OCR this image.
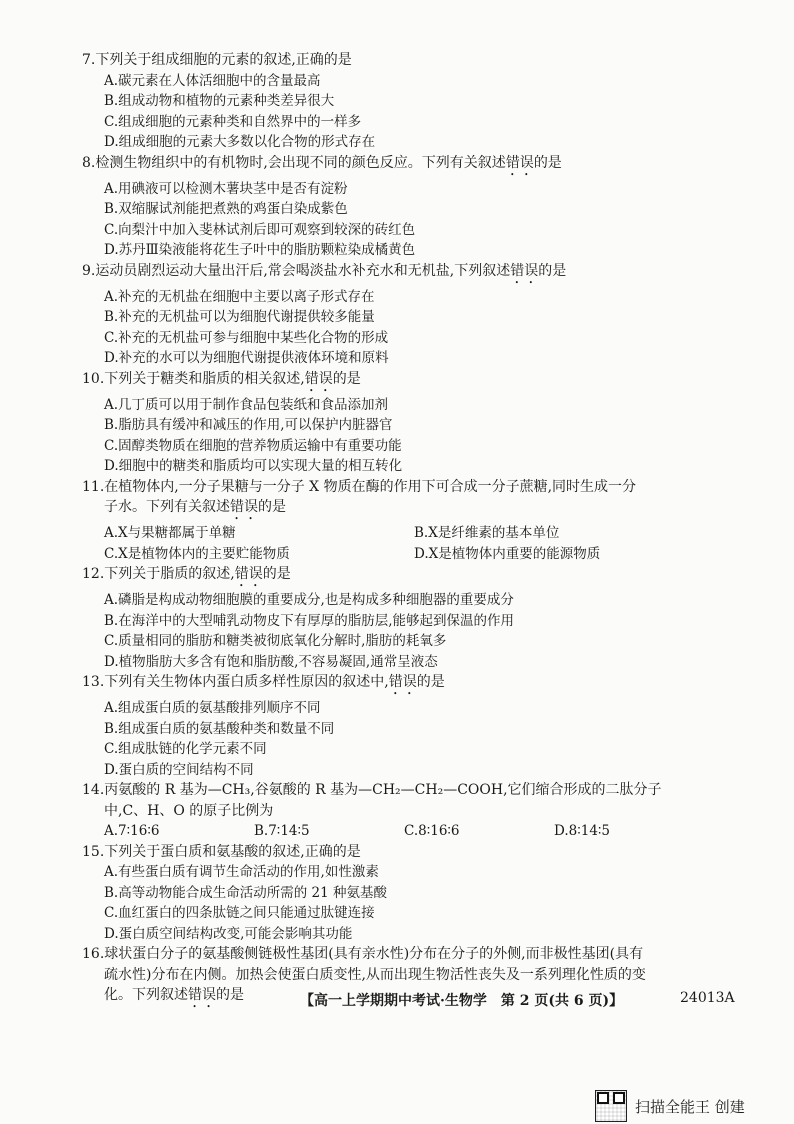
7.下列关于组成细胞的元素的叙述,正确的是
A.碳元素在人体活细胞中的含量最高
B.组成动物和植物的元素种类差异很大
C.组成细胞的元素种类和自然界中的一样多
D.组成细胞的元素大多数以化合物的形式存在
8.检测生物组织中的有机物时,会出现不同的颜色反应。下列有关叙述错误的是
A.用碘液可以检测木薯块茎中是否有淀粉
B.双缩脲试剂能把煮熟的鸡蛋白染成紫色
C.向梨汁中加入斐林试剂后即可观察到较深的砖红色
D.苏丹Ⅲ染液能将花生子叶中的脂肪颗粒染成橘黄色
9.运动员剧烈运动大量出汗后,常会喝淡盐水补充水和无机盐,下列叙述错误的是
A.补充的无机盐在细胞中主要以离子形式存在
B.补充的无机盐可以为细胞代谢提供较多能量
C.补充的无机盐可参与细胞中某些化合物的形成
D.补充的水可以为细胞代谢提供液体环境和原料
10.下列关于糖类和脂质的相关叙述,错误的是
A.几丁质可以用于制作食品包装纸和食品添加剂
B.脂肪具有缓冲和减压的作用,可以保护内脏器官
C.固醇类物质在细胞的营养物质运输中有重要功能
D.细胞中的糖类和脂质均可以实现大量的相互转化
11.在植物体内,一分子果糖与一分子 X 物质在酶的作用下可合成一分子蔗糖,同时生成一分
子水。下列有关叙述错误的是
A.X与果糖都属于单糖	B.X是纤维素的基本单位
C.X是植物体内的主要贮能物质	D.X是植物体内重要的能源物质
12.下列关于脂质的叙述,错误的是
A.磷脂是构成动物细胞膜的重要成分,也是构成多种细胞器的重要成分
B.在海洋中的大型哺乳动物皮下有厚厚的脂肪层,能够起到保温的作用
C.质量相同的脂肪和糖类被彻底氧化分解时,脂肪的耗氧多
D.植物脂肪大多含有饱和脂肪酸,不容易凝固,通常呈液态
13.下列有关生物体内蛋白质多样性原因的叙述中,错误的是
A.组成蛋白质的氨基酸排列顺序不同
B.组成蛋白质的氨基酸种类和数量不同
C.组成肽链的化学元素不同
D.蛋白质的空间结构不同
14.丙氨酸的 R 基为—CH₃,谷氨酸的 R 基为—CH₂—CH₂—COOH,它们缩合形成的二肽分子
中,C、H、O 的原子比例为
A.7∶16∶6	B.7∶14∶5	C.8∶16∶6	D.8∶14∶5
15.下列关于蛋白质和氨基酸的叙述,正确的是
A.有些蛋白质有调节生命活动的作用,如性激素
B.高等动物能合成生命活动所需的 21 种氨基酸
C.血红蛋白的四条肽链之间只能通过肽键连接
D.蛋白质空间结构改变,可能会影响其功能
16.球状蛋白分子的氨基酸侧链极性基团(具有亲水性)分布在分子的外侧,而非极性基团(具有
疏水性)分布在内侧。加热会使蛋白质变性,从而出现生物活性丧失及一系列理化性质的变
化。下列叙述错误的是	【高一上学期期中考试·生物学　第 2 页(共 6 页)】	24013A
扫描全能王 创建
